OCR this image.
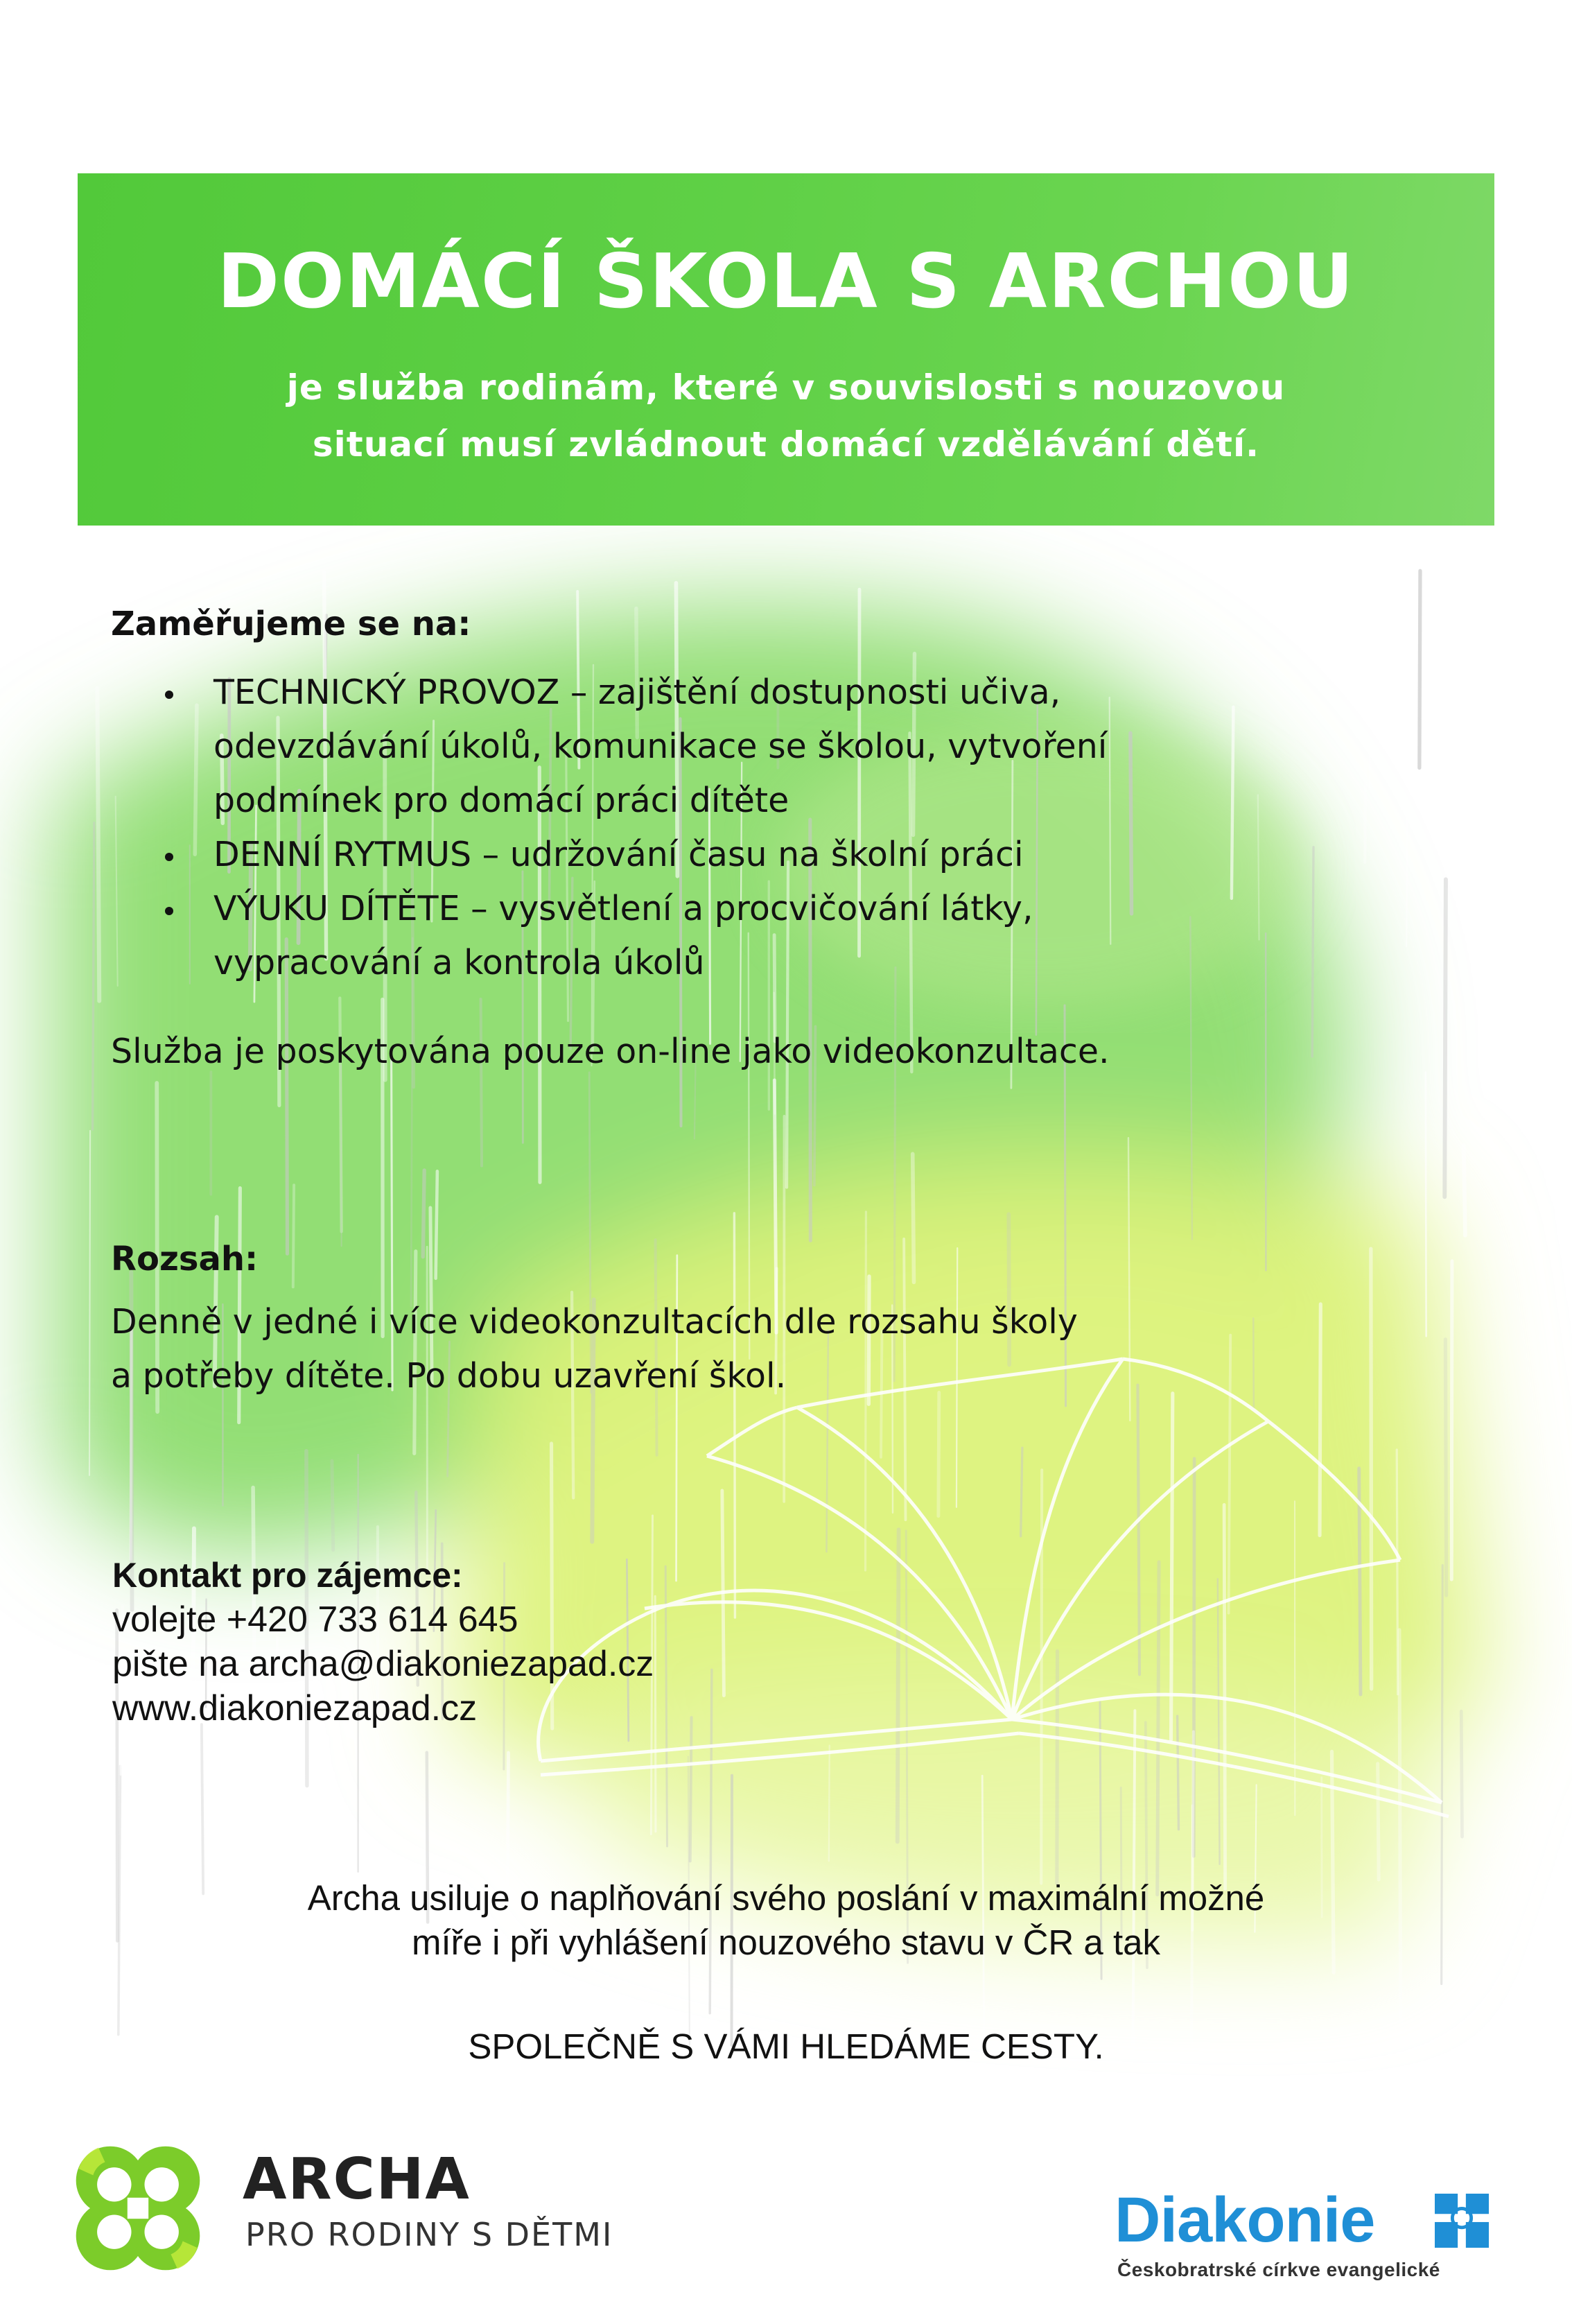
DOMÁCÍ ŠKOLA S ARCHOU
je služba rodinám, které v souvislosti s nouzovou
situací musí zvládnout domácí vzdělávání dětí.
Zaměřujeme se na:
TECHNICKÝ PROVOZ – zajištění dostupnosti učiva,
odevzdávání úkolů, komunikace se školou, vytvoření
podmínek pro domácí práci dítěte
DENNÍ RYTMUS – udržování času na školní práci
VÝUKU DÍTĚTE – vysvětlení a procvičování látky,
vypracování a kontrola úkolů
Služba je poskytována pouze on-line jako videokonzultace.
Rozsah:
Denně v jedné i více videokonzultacích dle rozsahu školy
a potřeby dítěte. Po dobu uzavření škol.
Kontakt pro zájemce:
volejte +420 733 614 645
pište na archa@diakoniezapad.cz
www.diakoniezapad.cz
Archa usiluje o naplňování svého poslání v maximální možné
míře i při vyhlášení nouzového stavu v ČR a tak
SPOLEČNĚ S VÁMI HLEDÁME CESTY.
ARCHA
PRO RODINY S DĚTMI	Diakonie
Českobratrské církve evangelické
